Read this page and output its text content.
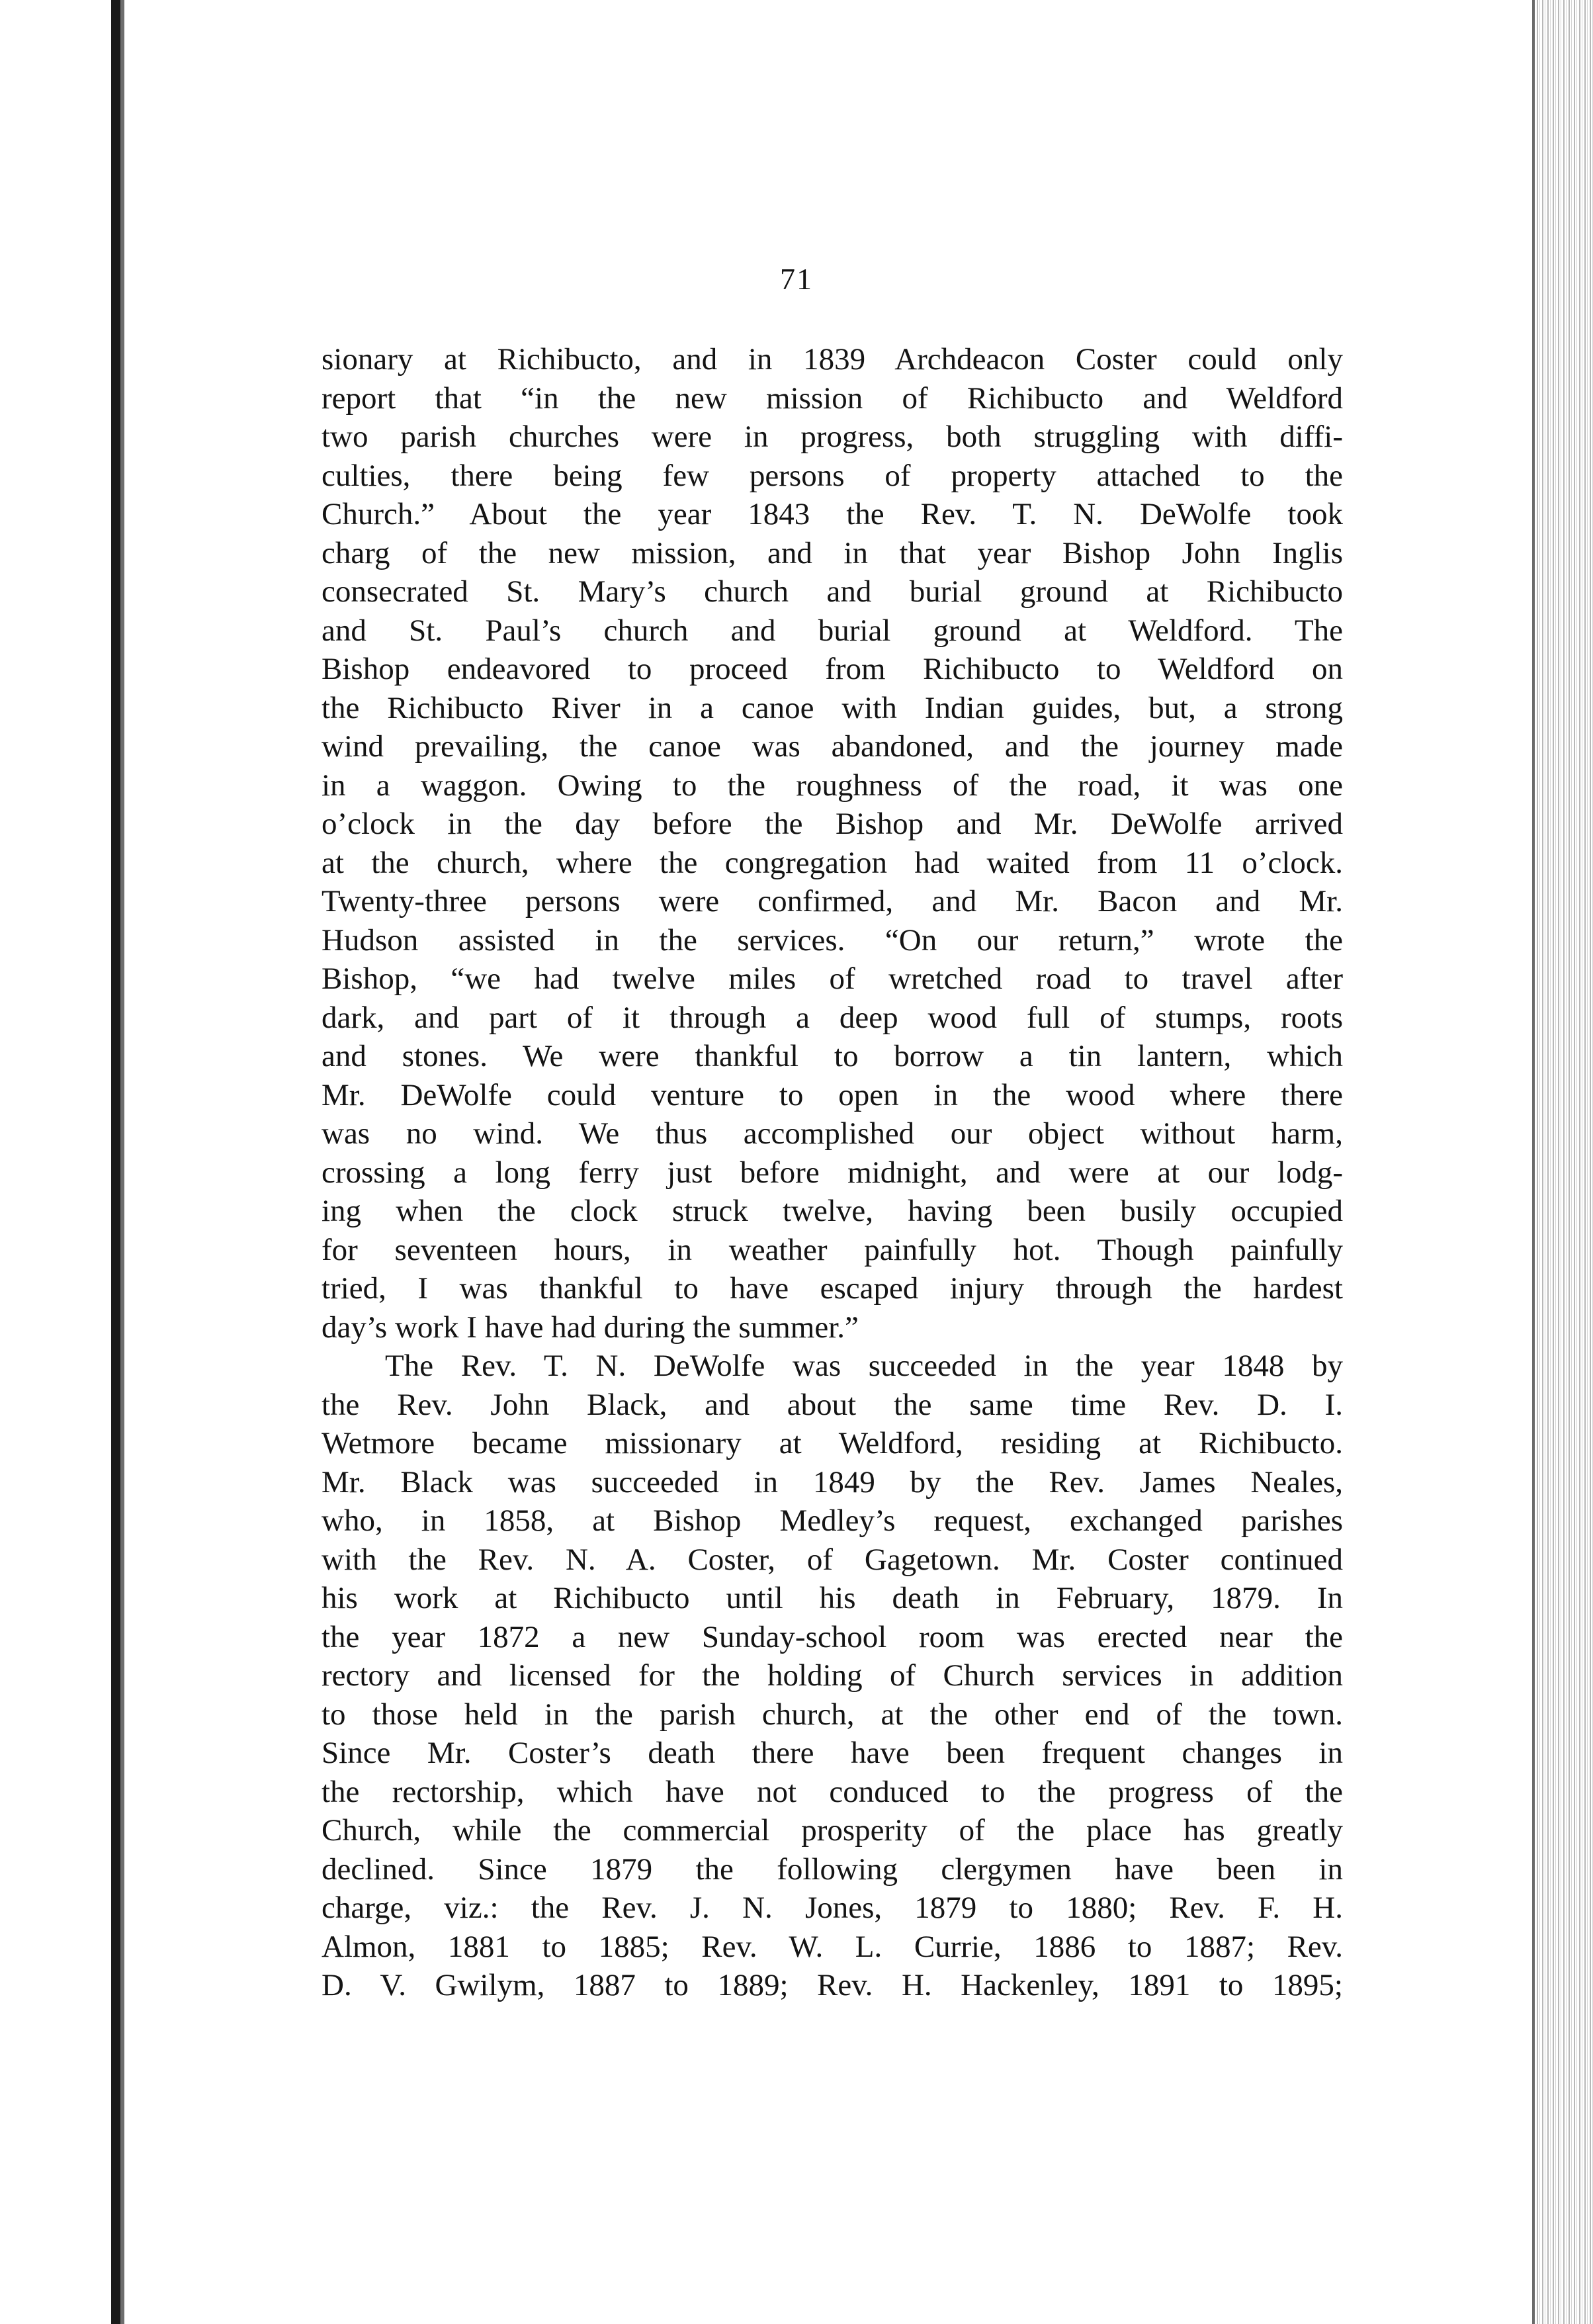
71
sionary at Richibucto, and in 1839 Archdeacon Coster could only
report that “in the new mission of Richibucto and Weldford
two parish churches were in progress, both struggling with diffi-
culties, there being few persons of property attached to the
Church.” About the year 1843 the Rev. T. N. DeWolfe took
charg of the new mission, and in that year Bishop John Inglis
consecrated St. Mary’s church and burial ground at Richibucto
and St. Paul’s church and burial ground at Weldford. The
Bishop endeavored to proceed from Richibucto to Weldford on
the Richibucto River in a canoe with Indian guides, but, a strong
wind prevailing, the canoe was abandoned, and the journey made
in a waggon. Owing to the roughness of the road, it was one
o’clock in the day before the Bishop and Mr. DeWolfe arrived
at the church, where the congregation had waited from 11 o’clock.
Twenty-three persons were confirmed, and Mr. Bacon and Mr.
Hudson assisted in the services. “On our return,” wrote the
Bishop, “we had twelve miles of wretched road to travel after
dark, and part of it through a deep wood full of stumps, roots
and stones. We were thankful to borrow a tin lantern, which
Mr. DeWolfe could venture to open in the wood where there
was no wind. We thus accomplished our object without harm,
crossing a long ferry just before midnight, and were at our lodg-
ing when the clock struck twelve, having been busily occupied
for seventeen hours, in weather painfully hot. Though painfully
tried, I was thankful to have escaped injury through the hardest
day’s work I have had during the summer.”
The Rev. T. N. DeWolfe was succeeded in the year 1848 by
the Rev. John Black, and about the same time Rev. D. I.
Wetmore became missionary at Weldford, residing at Richibucto.
Mr. Black was succeeded in 1849 by the Rev. James Neales,
who, in 1858, at Bishop Medley’s request, exchanged parishes
with the Rev. N. A. Coster, of Gagetown. Mr. Coster continued
his work at Richibucto until his death in February, 1879. In
the year 1872 a new Sunday-school room was erected near the
rectory and licensed for the holding of Church services in addition
to those held in the parish church, at the other end of the town.
Since Mr. Coster’s death there have been frequent changes in
the rectorship, which have not conduced to the progress of the
Church, while the commercial prosperity of the place has greatly
declined. Since 1879 the following clergymen have been in
charge, viz.: the Rev. J. N. Jones, 1879 to 1880; Rev. F. H.
Almon, 1881 to 1885; Rev. W. L. Currie, 1886 to 1887; Rev.
D. V. Gwilym, 1887 to 1889; Rev. H. Hackenley, 1891 to 1895;
